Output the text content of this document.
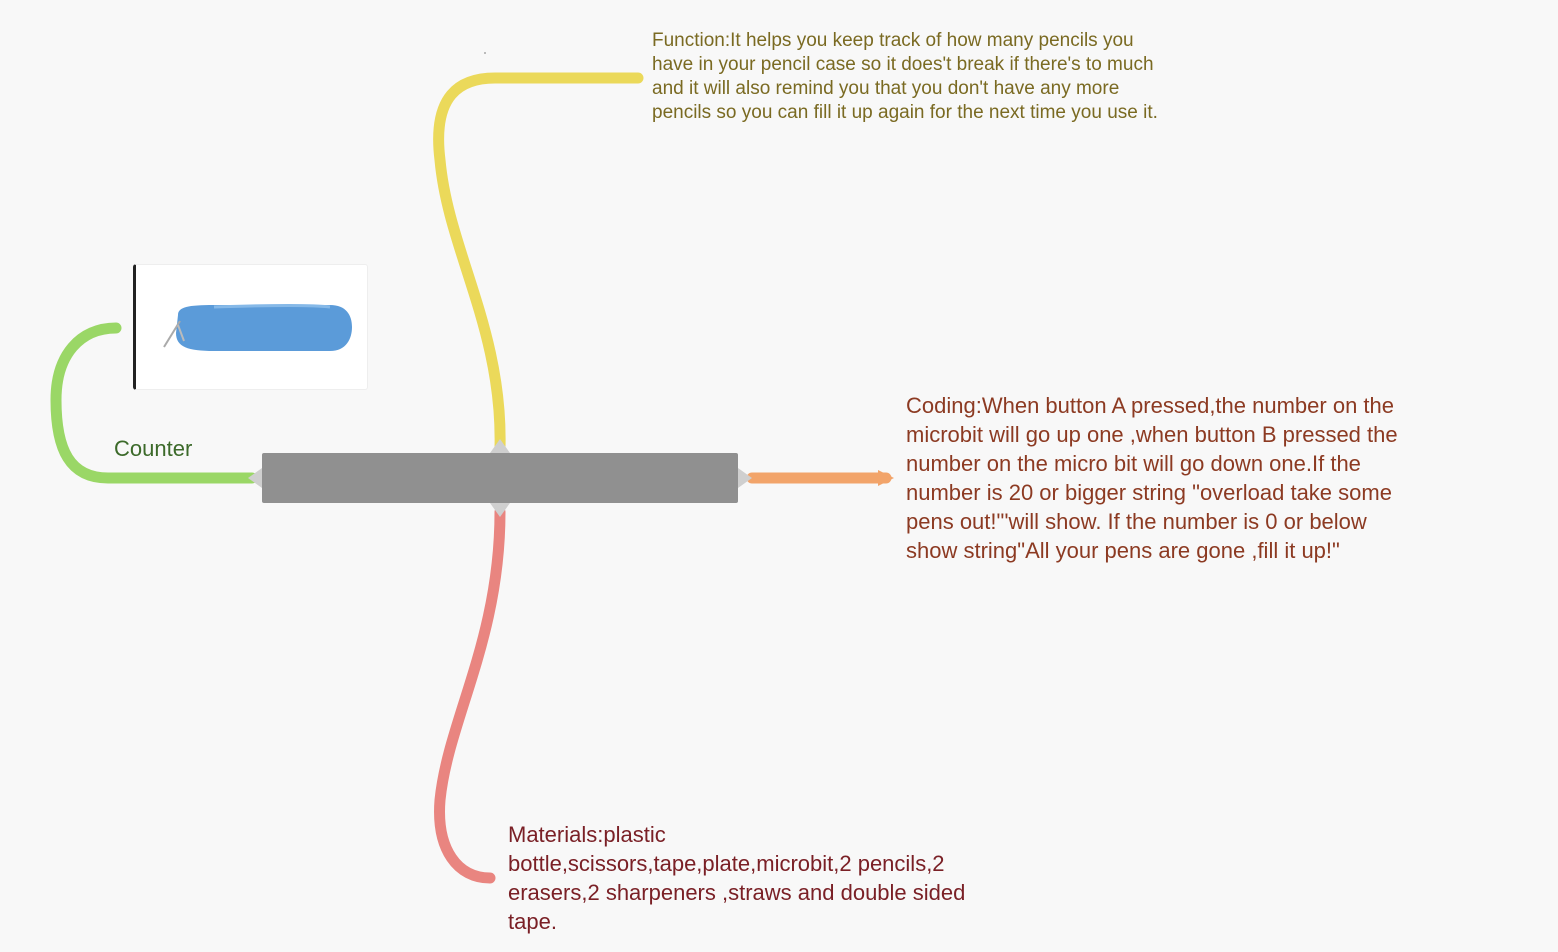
Counter
Function:It helps you keep track of how many pencils you
have in your pencil case so it does't break if there's to much
and it will also remind you that you don't have any more
pencils so you can fill it up again for the next time you use it.
Coding:When button A pressed,the number on the
microbit will go up one ,when button B pressed the
number on the micro bit will go down one.If the
number is 20 or bigger string "overload take some
pens out!"'will show. If the number is 0 or below
show string"All your pens are gone ,fill it up!"
Materials:plastic
bottle,scissors,tape,plate,microbit,2 pencils,2
erasers,2 sharpeners ,straws and double sided
tape.
